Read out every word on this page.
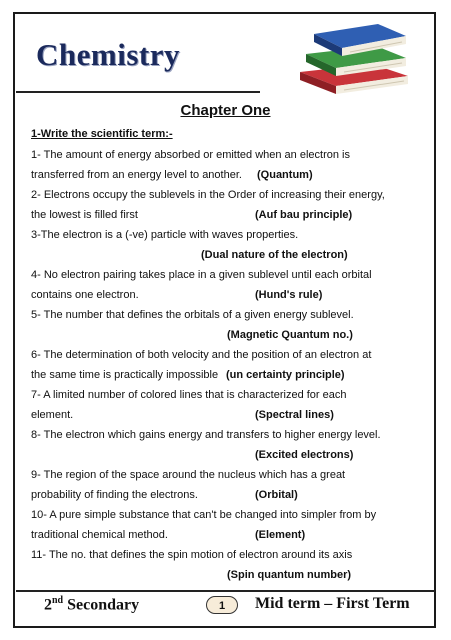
Chemistry
Chapter One
1-Write the scientific term:-
1- The amount of energy absorbed or emitted when an electron is
transferred from an energy level to another. (Quantum)
2- Electrons occupy the sublevels in the Order of increasing their energy,
the lowest is filled first	(Auf bau principle)
3-The electron is a (-ve) particle with waves properties.
(Dual nature of the electron)
4- No electron pairing takes place in a given sublevel until each orbital
contains one electron.	(Hund's rule)
5- The number that defines the orbitals of a given energy sublevel.
(Magnetic Quantum no.)
6- The determination of both velocity and the position of an electron at
the same time is practically impossible (un certainty principle)
7- A limited number of colored lines that is characterized for each
element.	(Spectral lines)
8- The electron which gains energy and transfers to higher energy level.
(Excited electrons)
9- The region of the space around the nucleus which has a great
probability of finding the electrons.	(Orbital)
10- A pure simple substance that can't be changed into simpler from by
traditional chemical method.	(Element)
11- The no. that defines the spin motion of electron around its axis
(Spin quantum number)
2nd Secondary	1	Mid term – First Term
